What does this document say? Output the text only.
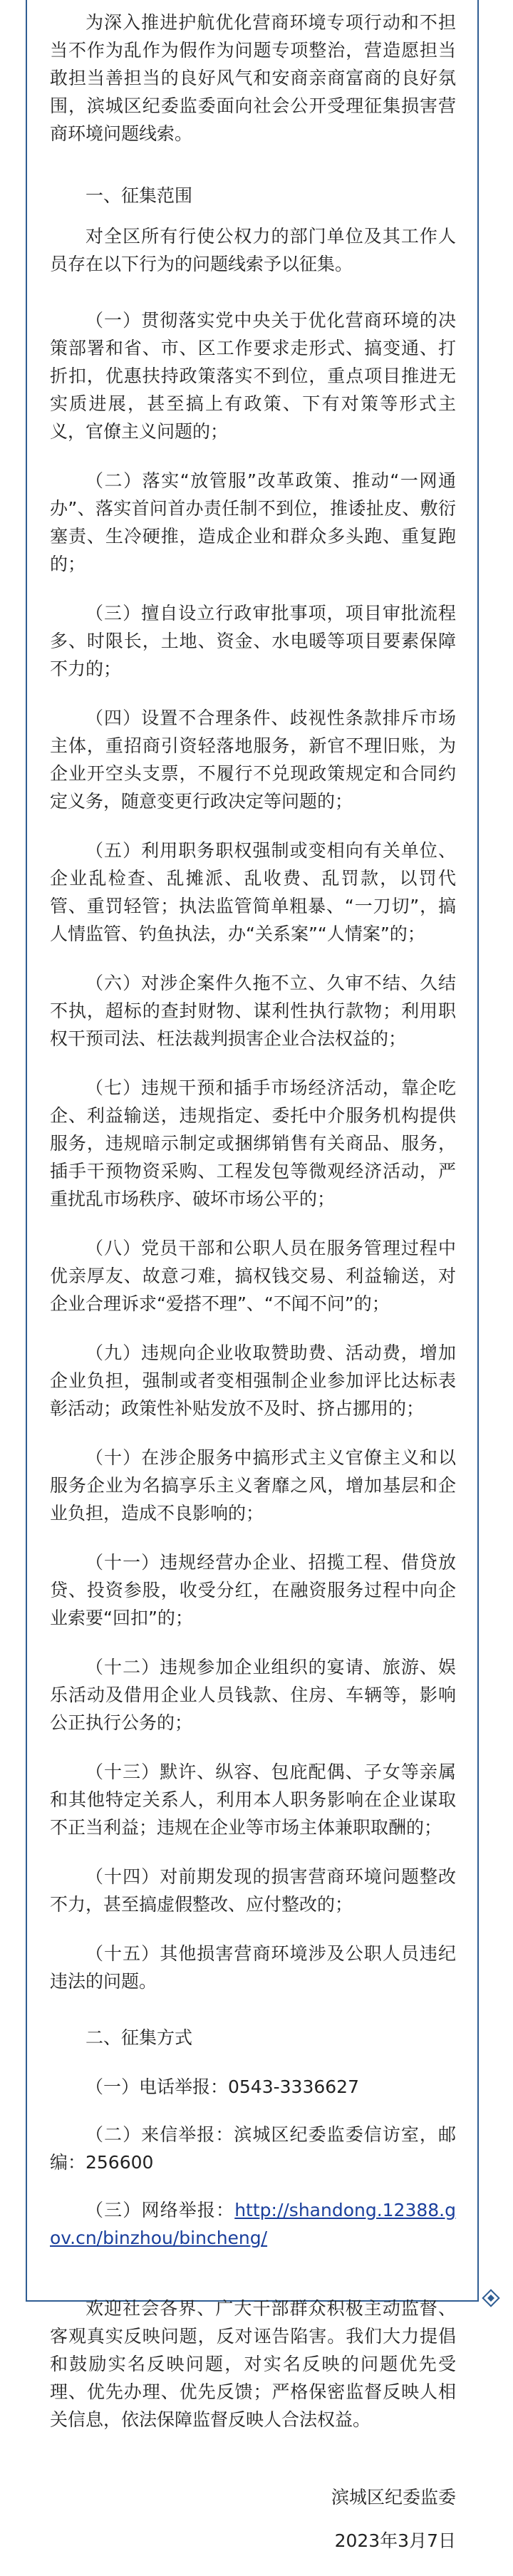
为深入推进护航优化营商环境专项行动和不担当不作为乱作为假作为问题专项整治，营造愿担当敢担当善担当的良好风气和安商亲商富商的良好氛围，滨城区纪委监委面向社会公开受理征集损害营商环境问题线索。

一、征集范围

对全区所有行使公权力的部门单位及其工作人员存在以下行为的问题线索予以征集。

（一）贯彻落实党中央关于优化营商环境的决策部署和省、市、区工作要求走形式、搞变通、打折扣，优惠扶持政策落实不到位，重点项目推进无实质进展，甚至搞上有政策、下有对策等形式主义，官僚主义问题的；

（二）落实“放管服”改革政策、推动“一网通办”、落实首问首办责任制不到位，推诿扯皮、敷衍塞责、生冷硬推，造成企业和群众多头跑、重复跑的；

（三）擅自设立行政审批事项，项目审批流程多、时限长，土地、资金、水电暖等项目要素保障不力的；

（四）设置不合理条件、歧视性条款排斥市场主体，重招商引资轻落地服务，新官不理旧账，为企业开空头支票，不履行不兑现政策规定和合同约定义务，随意变更行政决定等问题的；

（五）利用职务职权强制或变相向有关单位、企业乱检查、乱摊派、乱收费、乱罚款，以罚代管、重罚轻管；执法监管简单粗暴、“一刀切”，搞人情监管、钓鱼执法，办“关系案”“人情案”的；

（六）对涉企案件久拖不立、久审不结、久结不执，超标的查封财物、谋利性执行款物；利用职权干预司法、枉法裁判损害企业合法权益的；

（七）违规干预和插手市场经济活动，靠企吃企、利益输送，违规指定、委托中介服务机构提供服务，违规暗示制定或捆绑销售有关商品、服务，插手干预物资采购、工程发包等微观经济活动，严重扰乱市场秩序、破坏市场公平的；

（八）党员干部和公职人员在服务管理过程中优亲厚友、故意刁难，搞权钱交易、利益输送，对企业合理诉求“爱搭不理”、“不闻不问”的；

（九）违规向企业收取赞助费、活动费，增加企业负担，强制或者变相强制企业参加评比达标表彰活动；政策性补贴发放不及时、挤占挪用的；

（十）在涉企服务中搞形式主义官僚主义和以服务企业为名搞享乐主义奢靡之风，增加基层和企业负担，造成不良影响的；

（十一）违规经营办企业、招揽工程、借贷放贷、投资参股，收受分红，在融资服务过程中向企业索要“回扣”的；

（十二）违规参加企业组织的宴请、旅游、娱乐活动及借用企业人员钱款、住房、车辆等，影响公正执行公务的；

（十三）默许、纵容、包庇配偶、子女等亲属和其他特定关系人，利用本人职务影响在企业谋取不正当利益；违规在企业等市场主体兼职取酬的；

（十四）对前期发现的损害营商环境问题整改不力，甚至搞虚假整改、应付整改的；

（十五）其他损害营商环境涉及公职人员违纪违法的问题。

二、征集方式

（一）电话举报：0543-3336627

（二）来信举报：滨城区纪委监委信访室，邮编：256600

（三）网络举报：http://shandong.12388.gov.cn/binzhou/bincheng/

欢迎社会各界、广大干部群众积极主动监督、客观真实反映问题，反对诬告陷害。我们大力提倡和鼓励实名反映问题，对实名反映的问题优先受理、优先办理、优先反馈；严格保密监督反映人相关信息，依法保障监督反映人合法权益。

滨城区纪委监委

2023年3月7日
